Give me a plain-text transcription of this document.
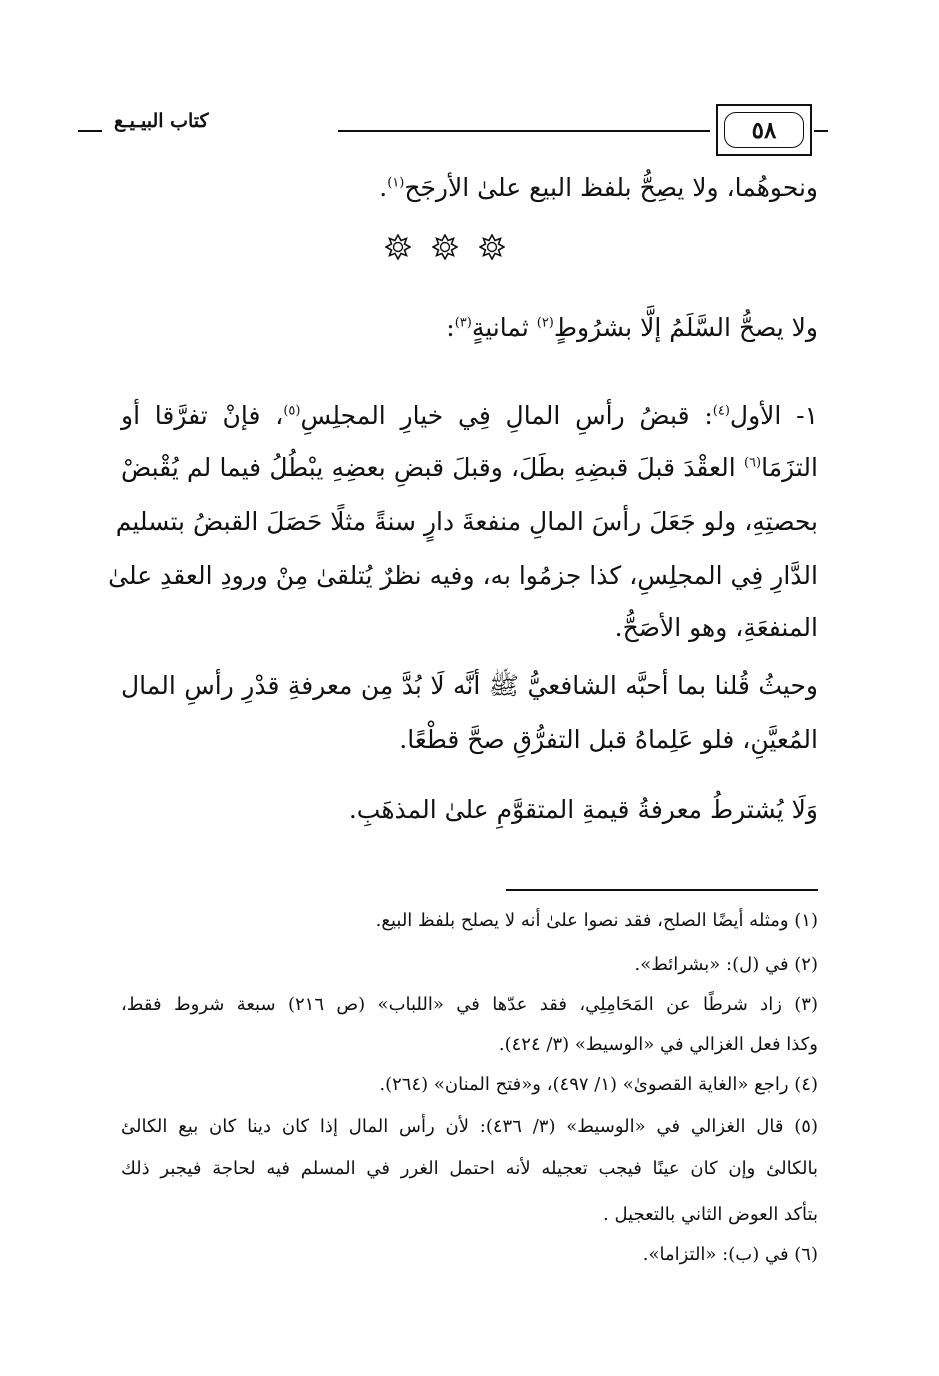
٥٨
كتاب البيـيـع
ونحوهُما، ولا يصِحُّ بلفظ البيع علىٰ الأرجَح$^{(١)}$.
ولا يصحُّ السَّلَمُ إلَّا بشرُوطٍ$^{(٢)}$ ثمانيةٍ$^{(٣)}$:
١- الأول$^{(٤)}$: قبضُ رأسِ المالِ فِي خيارِ المجلِسِ$^{(٥)}$، فإنْ تفرَّقا أو
التزَمَا$^{(٦)}$ العقْدَ قبلَ قبضِهِ بطَلَ، وقبلَ قبضِ بعضِهِ يبْطُلُ فيما لم يُقْبضْ
بحصتِهِ، ولو جَعَلَ رأسَ المالِ منفعةَ دارٍ سنةً مثلًا حَصَلَ القبضُ بتسليم
الدَّارِ فِي المجلِسِ، كذا جزمُوا به، وفيه نظرٌ يُتلقىٰ مِنْ ورودِ العقدِ علىٰ
المنفعَةِ، وهو الأصَحُّ.
وحيثُ قُلنا بما أحبَّه الشافعيُّ ﷺ أنَّه لَا بُدَّ مِن معرفةِ قدْرِ رأسِ المال
المُعيَّنِ، فلو عَلِماهُ قبل التفرُّقِ صحَّ قطْعًا.
وَلَا يُشترطُ معرفةُ قيمةِ المتقوَّمِ علىٰ المذهَبِ.
(١) ومثله أيضًا الصلح، فقد نصوا علىٰ أنه لا يصلح بلفظ البيع.
(٢) في (ل): «بشرائط».
(٣) زاد شرطًا عن المَحَامِلِي، فقد عدّها في «اللباب» (ص ٢١٦) سبعة شروط فقط،
وكذا فعل الغزالي في «الوسيط» (٣/ ٤٢٤).
(٤) راجع «الغاية القصوىٰ» (١/ ٤٩٧)، و«فتح المنان» (٢٦٤).
(٥) قال الغزالي في «الوسيط» (٣/ ٤٣٦): لأن رأس المال إذا كان دينا كان بيع الكالئ
بالكالئ وإن كان عينًا فيجب تعجيله لأنه احتمل الغرر في المسلم فيه لحاجة فيجبر ذلك
بتأكد العوض الثاني بالتعجيل .
(٦) في (ب): «التزاما».
